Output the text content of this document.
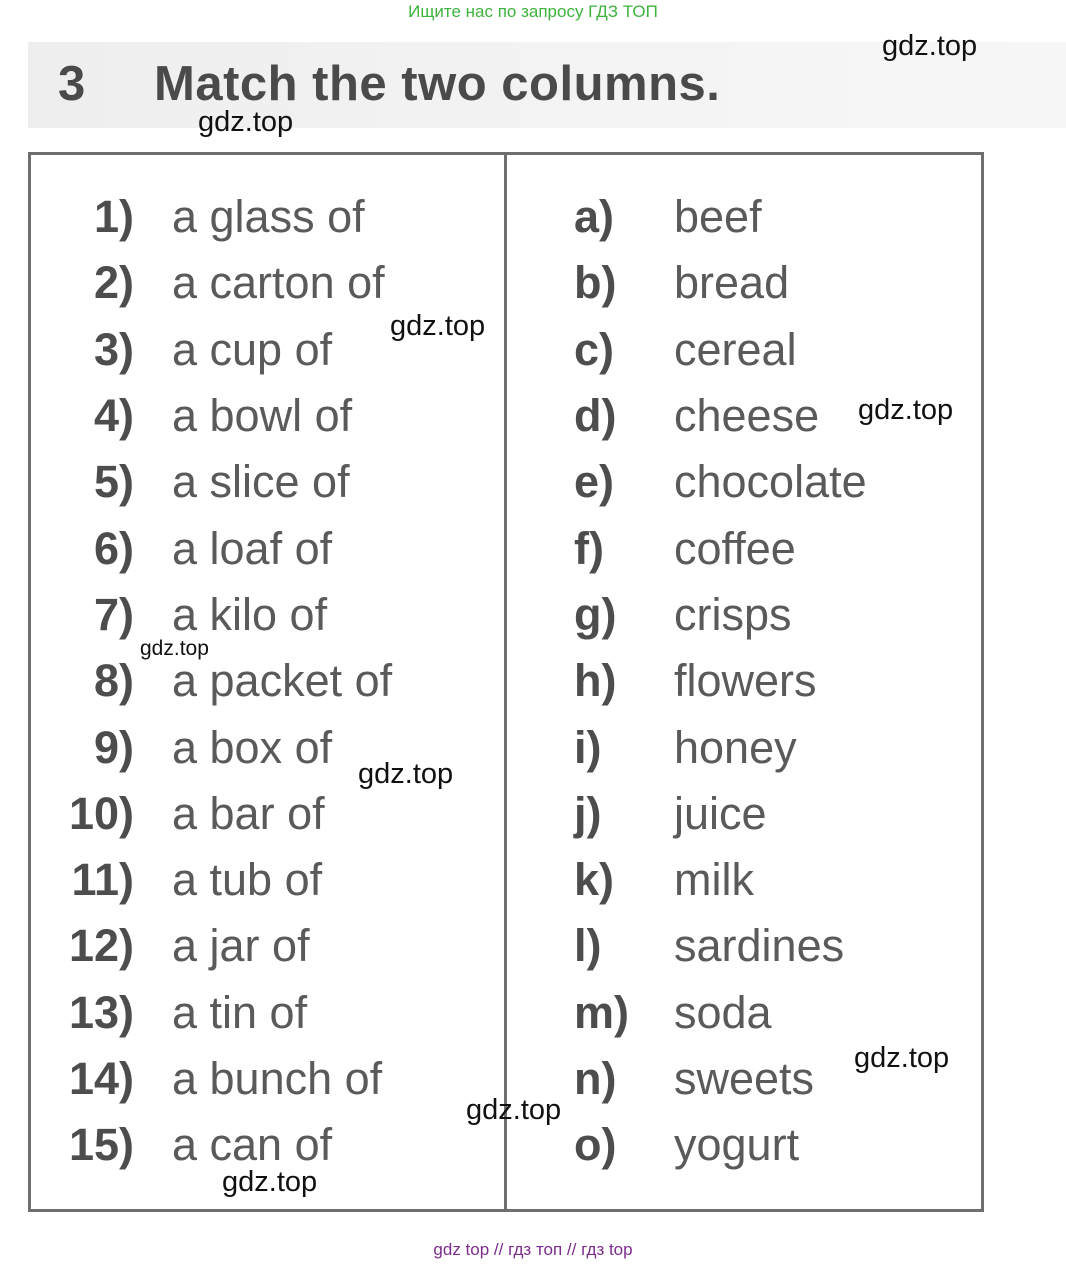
Ищите нас по запросу ГДЗ ТОП
3 Match the two columns.
1) a glass of
2) a carton of
3) a cup of
4) a bowl of
5) a slice of
6) a loaf of
7) a kilo of
8) a packet of
9) a box of
10) a bar of
11) a tub of
12) a jar of
13) a tin of
14) a bunch of
15) a can of
a)	beef
b)	bread
c)	cereal
d)	cheese
e)	chocolate
f)	coffee
g)	crisps
h)	flowers
i)	honey
j)	juice
k)	milk
l)	sardines
m) soda
n)	sweets
o)	yogurt
gdz.top
gdz.top
gdz.top
gdz.top
gdz.top
gdz.top
gdz.top
gdz.top
gdz.top
gdz top // гдз топ // гдз top
